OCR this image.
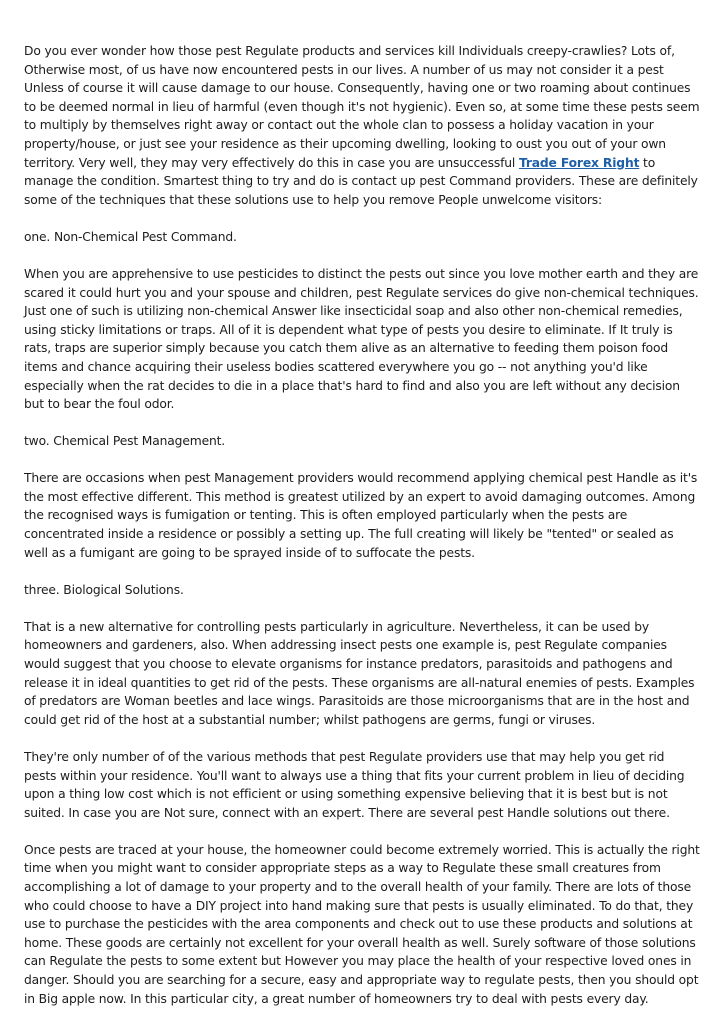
Do you ever wonder how those pest Regulate products and services kill Individuals creepy-crawlies? Lots of, Otherwise most, of us have now encountered pests in our lives. A number of us may not consider it a pest Unless of course it will cause damage to our house. Consequently, having one or two roaming about continues to be deemed normal in lieu of harmful (even though it's not hygienic). Even so, at some time these pests seem to multiply by themselves right away or contact out the whole clan to possess a holiday vacation in your property/house, or just see your residence as their upcoming dwelling, looking to oust you out of your own territory. Very well, they may very effectively do this in case you are unsuccessful Trade Forex Right to manage the condition. Smartest thing to try and do is contact up pest Command providers. These are definitely some of the techniques that these solutions use to help you remove People unwelcome visitors:

one. Non-Chemical Pest Command.

When you are apprehensive to use pesticides to distinct the pests out since you love mother earth and they are scared it could hurt you and your spouse and children, pest Regulate services do give non-chemical techniques. Just one of such is utilizing non-chemical Answer like insecticidal soap and also other non-chemical remedies, using sticky limitations or traps. All of it is dependent what type of pests you desire to eliminate. If It truly is rats, traps are superior simply because you catch them alive as an alternative to feeding them poison food items and chance acquiring their useless bodies scattered everywhere you go -- not anything you'd like especially when the rat decides to die in a place that's hard to find and also you are left without any decision but to bear the foul odor.

two. Chemical Pest Management.

There are occasions when pest Management providers would recommend applying chemical pest Handle as it's the most effective different. This method is greatest utilized by an expert to avoid damaging outcomes. Among the recognised ways is fumigation or tenting. This is often employed particularly when the pests are concentrated inside a residence or possibly a setting up. The full creating will likely be "tented" or sealed as well as a fumigant are going to be sprayed inside of to suffocate the pests.

three. Biological Solutions.

That is a new alternative for controlling pests particularly in agriculture. Nevertheless, it can be used by homeowners and gardeners, also. When addressing insect pests one example is, pest Regulate companies would suggest that you choose to elevate organisms for instance predators, parasitoids and pathogens and release it in ideal quantities to get rid of the pests. These organisms are all-natural enemies of pests. Examples of predators are Woman beetles and lace wings. Parasitoids are those microorganisms that are in the host and could get rid of the host at a substantial number; whilst pathogens are germs, fungi or viruses.

They're only number of of the various methods that pest Regulate providers use that may help you get rid pests within your residence. You'll want to always use a thing that fits your current problem in lieu of deciding upon a thing low cost which is not efficient or using something expensive believing that it is best but is not suited. In case you are Not sure, connect with an expert. There are several pest Handle solutions out there.

Once pests are traced at your house, the homeowner could become extremely worried. This is actually the right time when you might want to consider appropriate steps as a way to Regulate these small creatures from accomplishing a lot of damage to your property and to the overall health of your family. There are lots of those who could choose to have a DIY project into hand making sure that pests is usually eliminated. To do that, they use to purchase the pesticides with the area components and check out to use these products and solutions at home. These goods are certainly not excellent for your overall health as well. Surely software of those solutions can Regulate the pests to some extent but However you may place the health of your respective loved ones in danger. Should you are searching for a secure, easy and appropriate way to regulate pests, then you should opt in Big apple now. In this particular city, a great number of homeowners try to deal with pests every day.
